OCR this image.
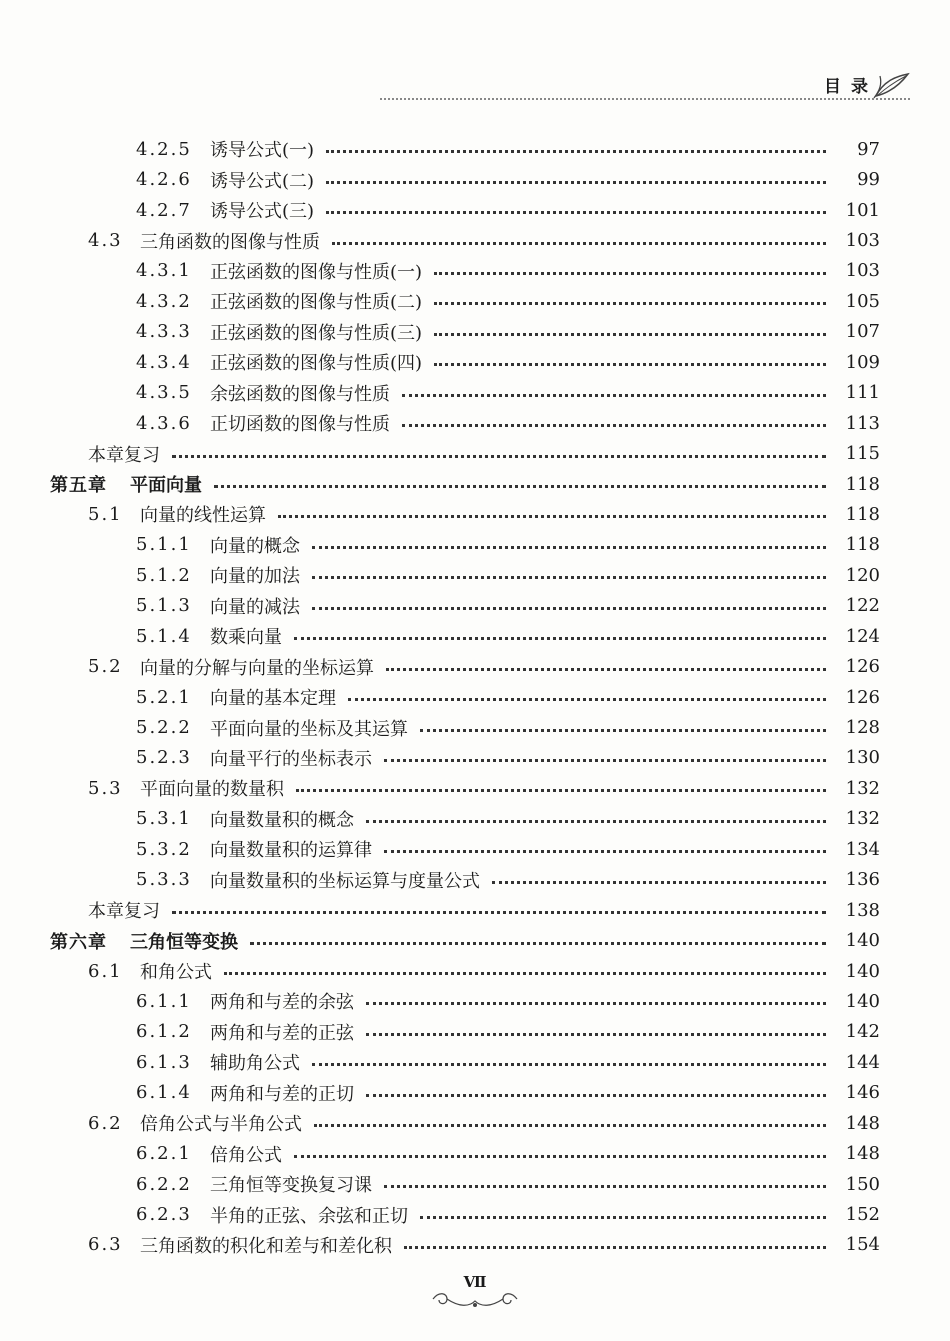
目录
4.2.5	诱导公式(一)	97
4.2.6	诱导公式(二)	99
4.2.7	诱导公式(三)	101
4.3 三角函数的图像与性质	103
4.3.1	正弦函数的图像与性质(一)	103
4.3.2	正弦函数的图像与性质(二)	105
4.3.3	正弦函数的图像与性质(三)	107
4.3.4	正弦函数的图像与性质(四)	109
4.3.5	余弦函数的图像与性质	111
4.3.6	正切函数的图像与性质	113
本章复习	115
第五章	平面向量	118
5.1 向量的线性运算	118
5.1.1	向量的概念	118
5.1.2	向量的加法	120
5.1.3	向量的减法	122
5.1.4	数乘向量	124
5.2 向量的分解与向量的坐标运算	126
5.2.1	向量的基本定理	126
5.2.2	平面向量的坐标及其运算	128
5.2.3	向量平行的坐标表示	130
5.3 平面向量的数量积	132
5.3.1	向量数量积的概念	132
5.3.2	向量数量积的运算律	134
5.3.3	向量数量积的坐标运算与度量公式	136
本章复习	138
第六章	三角恒等变换	140
6.1 和角公式	140
6.1.1	两角和与差的余弦	140
6.1.2	两角和与差的正弦	142
6.1.3	辅助角公式	144
6.1.4	两角和与差的正切	146
6.2 倍角公式与半角公式	148
6.2.1	倍角公式	148
6.2.2	三角恒等变换复习课	150
6.2.3	半角的正弦、余弦和正切	152
6.3 三角函数的积化和差与和差化积	154
Ⅶ
